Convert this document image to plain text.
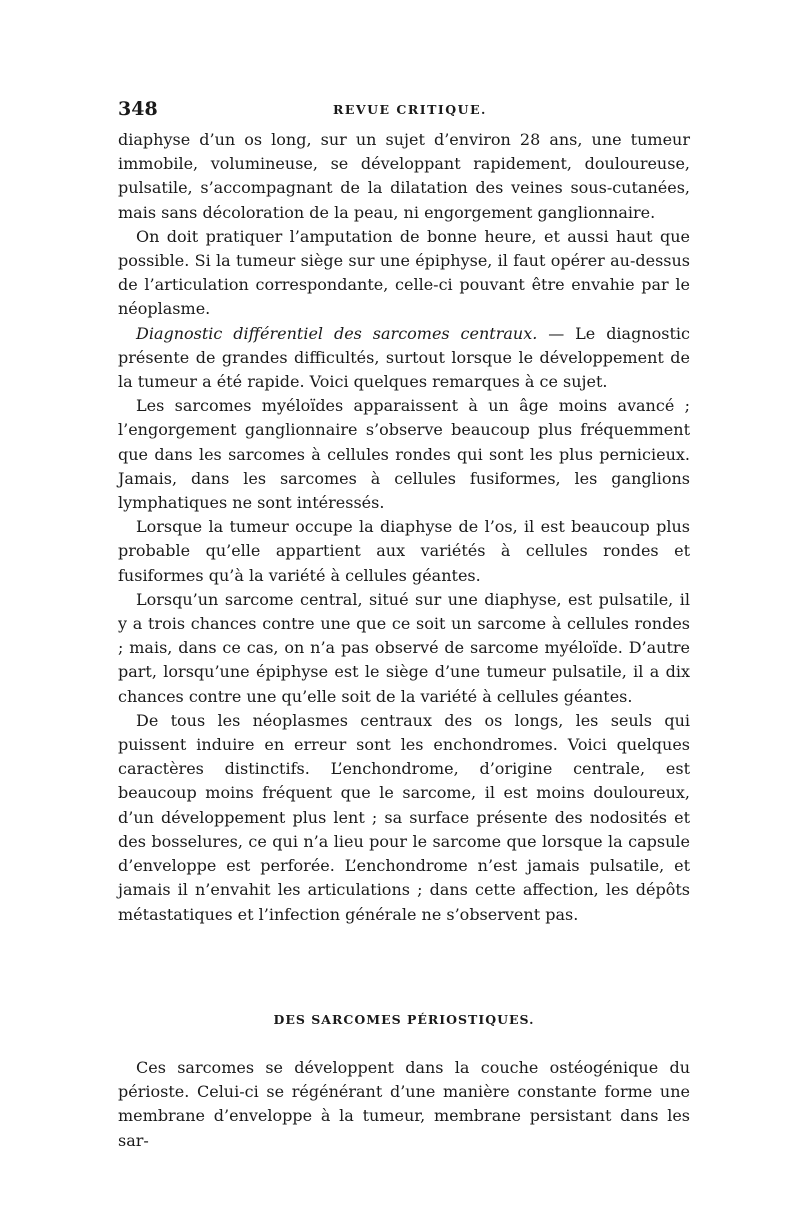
348	REVUE CRITIQUE.

diaphyse d’un os long, sur un sujet d’environ 28 ans, une tumeur immobile, volumineuse, se développant rapidement, douloureuse, pulsatile, s’accompagnant de la dilatation des veines sous-cutanées, mais sans décoloration de la peau, ni engorgement ganglionnaire.

On doit pratiquer l’amputation de bonne heure, et aussi haut que possible. Si la tumeur siège sur une épiphyse, il faut opérer au-dessus de l’articulation correspondante, celle-ci pouvant être envahie par le néoplasme.

Diagnostic différentiel des sarcomes centraux. — Le diagnostic présente de grandes difficultés, surtout lorsque le développement de la tumeur a été rapide. Voici quelques remarques à ce sujet.

Les sarcomes myéloïdes apparaissent à un âge moins avancé ; l’engorgement ganglionnaire s’observe beaucoup plus fréquemment que dans les sarcomes à cellules rondes qui sont les plus pernicieux. Jamais, dans les sarcomes à cellules fusiformes, les ganglions lymphatiques ne sont intéressés.

Lorsque la tumeur occupe la diaphyse de l’os, il est beaucoup plus probable qu’elle appartient aux variétés à cellules rondes et fusiformes qu’à la variété à cellules géantes.

Lorsqu’un sarcome central, situé sur une diaphyse, est pulsatile, il y a trois chances contre une que ce soit un sarcome à cellules rondes ; mais, dans ce cas, on n’a pas observé de sarcome myéloïde. D’autre part, lorsqu’une épiphyse est le siège d’une tumeur pulsatile, il a dix chances contre une qu’elle soit de la variété à cellules géantes.

De tous les néoplasmes centraux des os longs, les seuls qui puissent induire en erreur sont les enchondromes. Voici quelques caractères distinctifs. L’enchondrome, d’origine centrale, est beaucoup moins fréquent que le sarcome, il est moins douloureux, d’un développement plus lent ; sa surface présente des nodosités et des bosselures, ce qui n’a lieu pour le sarcome que lorsque la capsule d’enveloppe est perforée. L’enchondrome n’est jamais pulsatile, et jamais il n’envahit les articulations ; dans cette affection, les dépôts métastatiques et l’infection générale ne s’observent pas.

DES SARCOMES PÉRIOSTIQUES.

Ces sarcomes se développent dans la couche ostéogénique du périoste. Celui-ci se régénérant d’une manière constante forme une membrane d’enveloppe à la tumeur, membrane persistant dans les sar-
